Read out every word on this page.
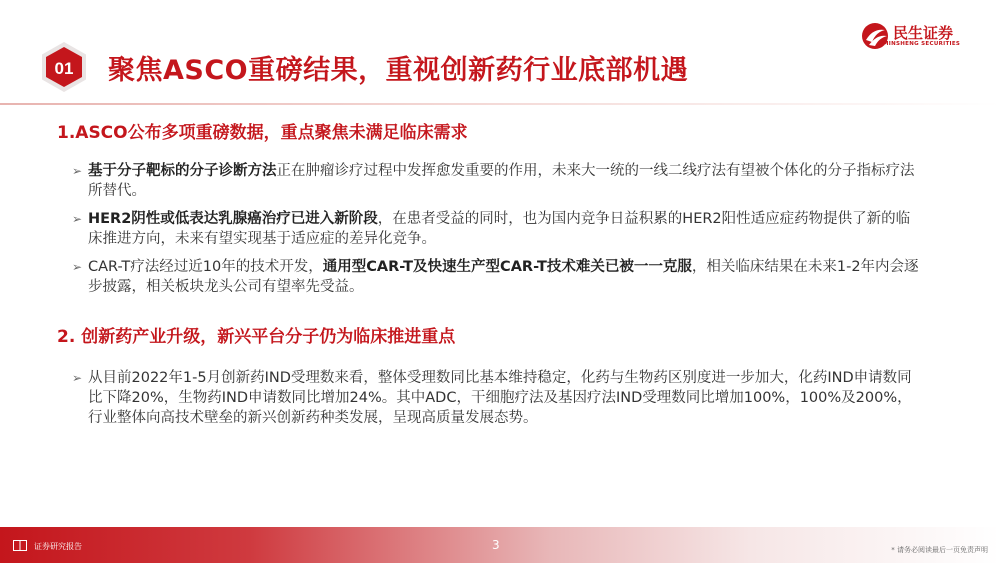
01 聚焦ASCO重磅结果，重视创新药行业底部机遇
民生证券
MINSHENG SECURITIES
1.ASCO公布多项重磅数据，重点聚焦未满足临床需求

➢ 基于分子靶标的分子诊断方法正在肿瘤诊疗过程中发挥愈发重要的作用，未来大一统的一线二线疗法有望被个体化的分子指标疗法所替代。

➢ HER2阴性或低表达乳腺癌治疗已进入新阶段，在患者受益的同时，也为国内竞争日益积累的HER2阳性适应症药物提供了新的临床推进方向，未来有望实现基于适应症的差异化竞争。

➢ CAR-T疗法经过近10年的技术开发，通用型CAR-T及快速生产型CAR-T技术难关已被一一克服，相关临床结果在未来1-2年内会逐步披露，相关板块龙头公司有望率先受益。

2. 创新药产业升级，新兴平台分子仍为临床推进重点

➢ 从目前2022年1-5月创新药IND受理数来看，整体受理数同比基本维持稳定，化药与生物药区别度进一步加大，化药IND申请数同比下降20%，生物药IND申请数同比增加24%。其中ADC，干细胞疗法及基因疗法IND受理数同比增加100%，100%及200%，行业整体向高技术壁垒的新兴创新药种类发展，呈现高质量发展态势。

证券研究报告	3	* 请务必阅读最后一页免责声明
